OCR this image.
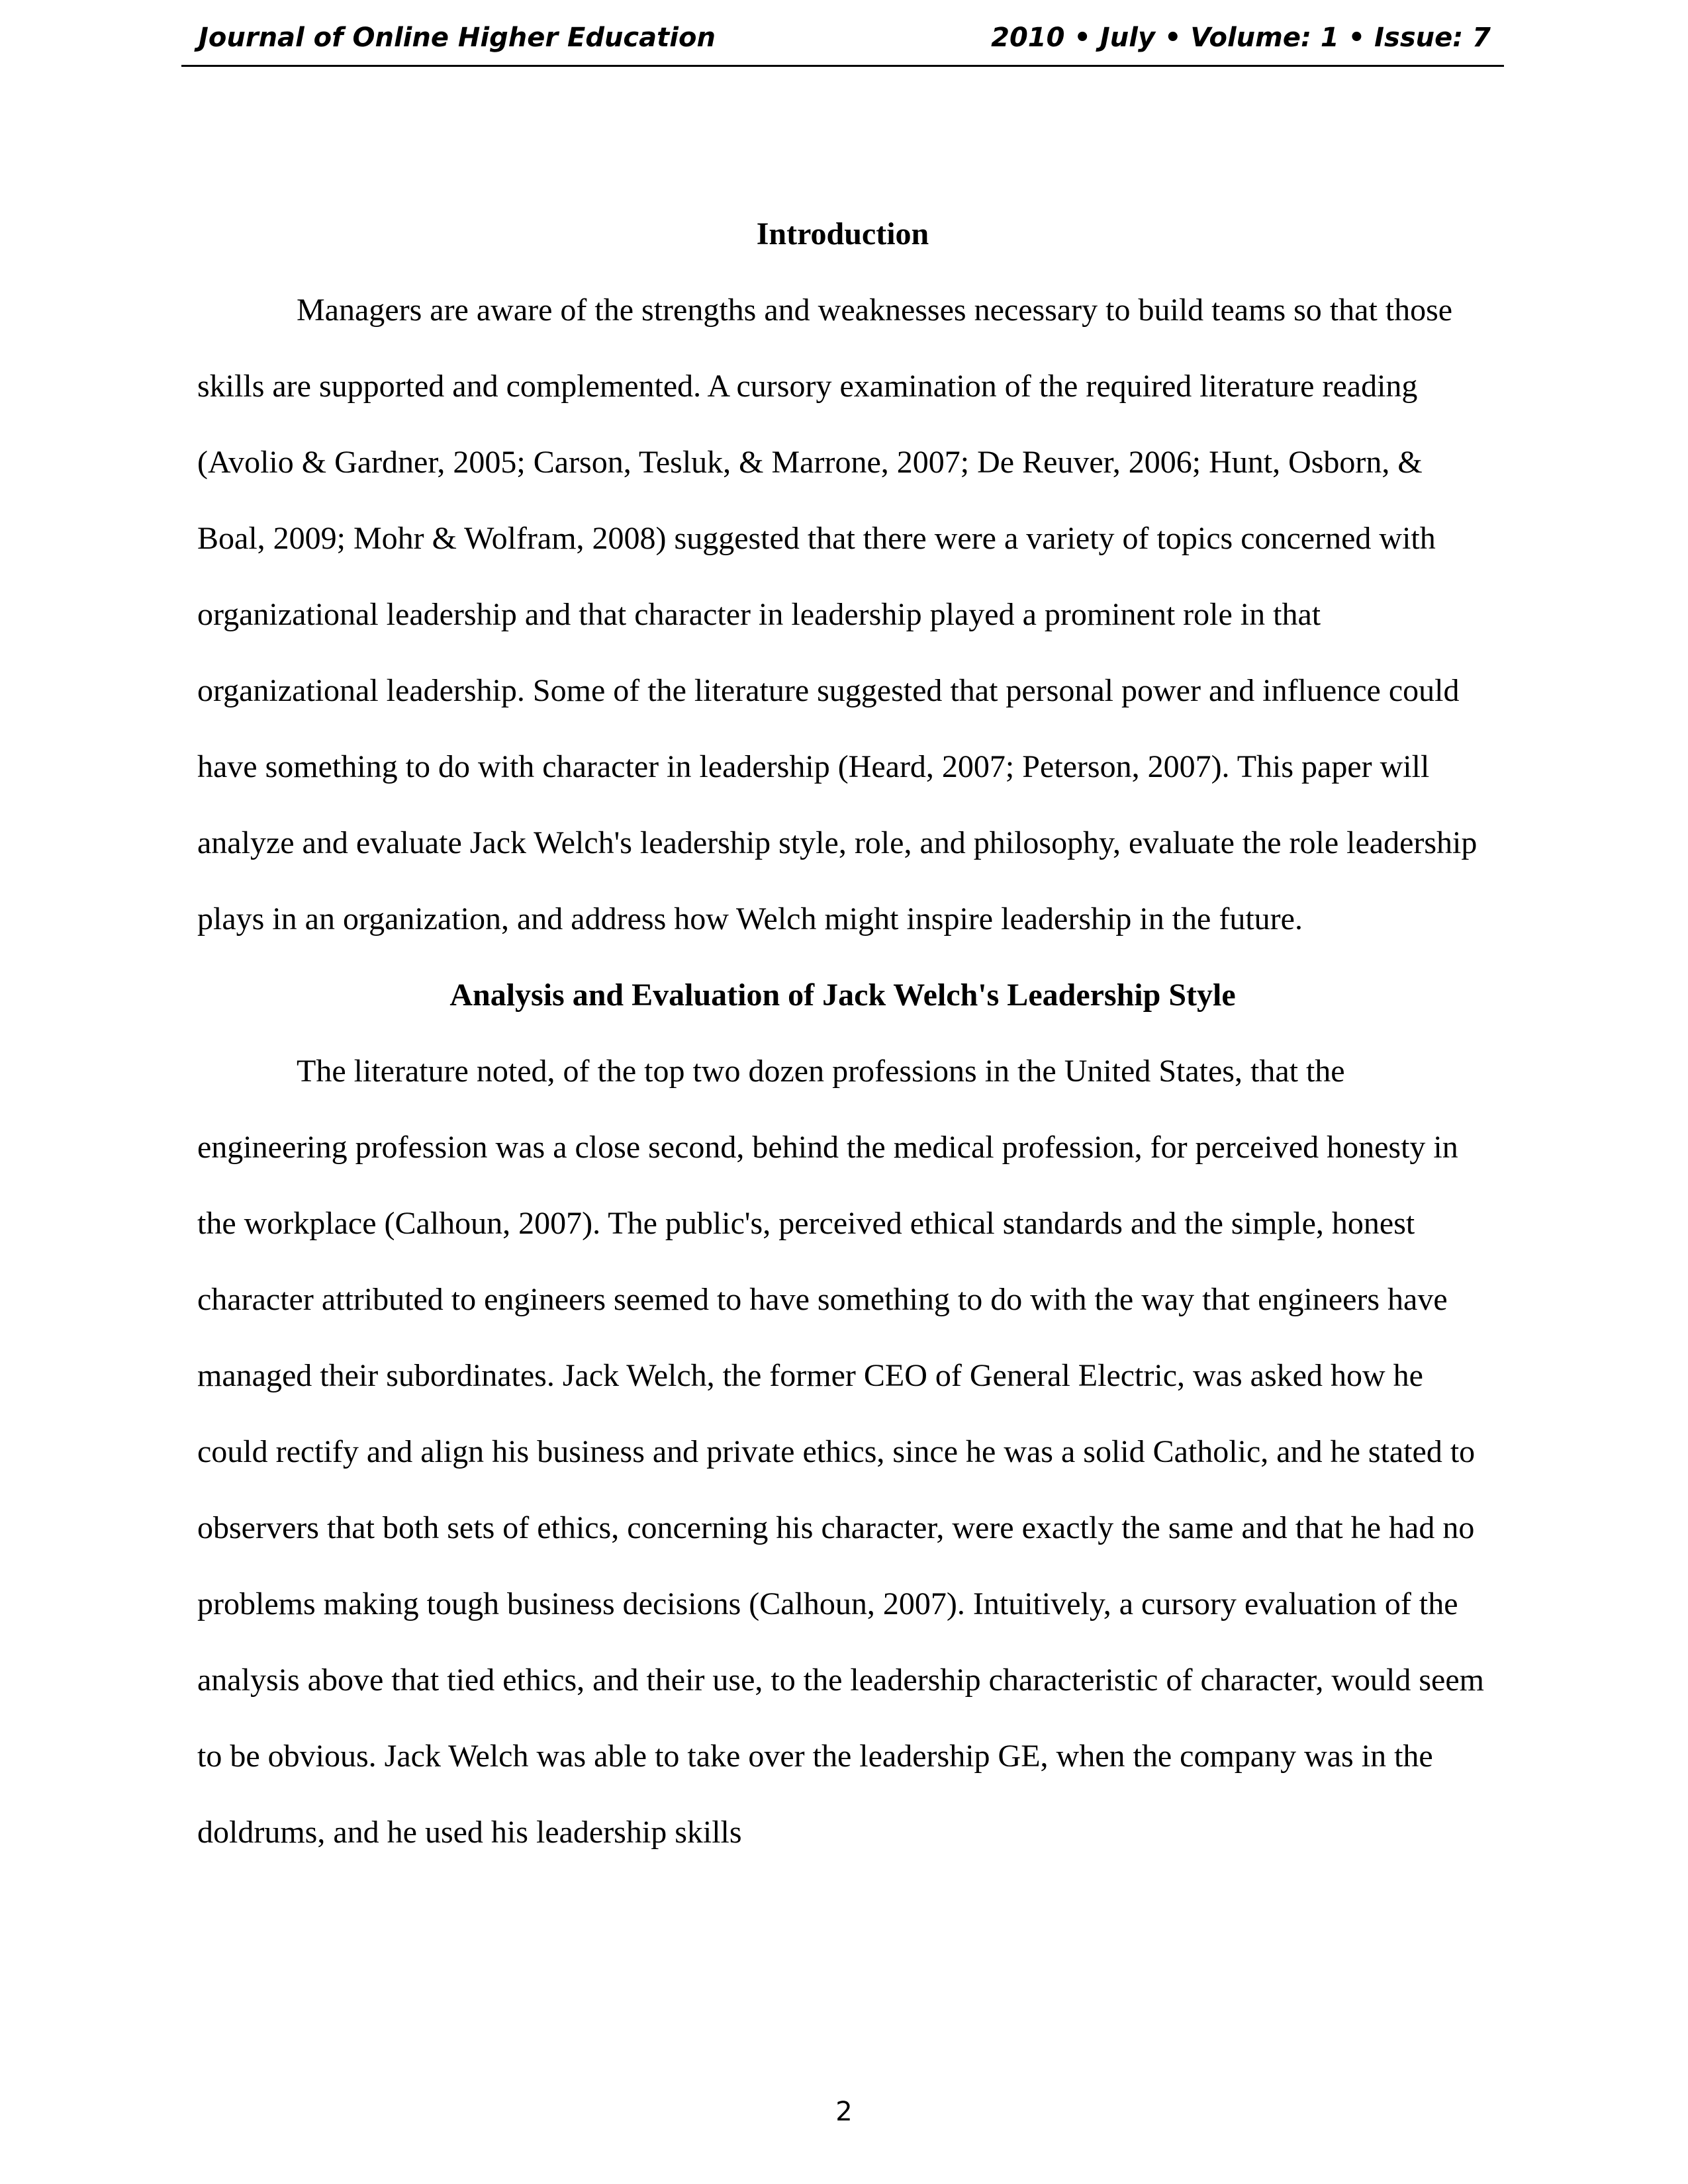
Journal of Online Higher Education	2010 • July • Volume: 1 • Issue: 7
Introduction

Managers are aware of the strengths and weaknesses necessary to build teams so that those skills are supported and complemented. A cursory examination of the required literature reading (Avolio & Gardner, 2005; Carson, Tesluk, & Marrone, 2007; De Reuver, 2006; Hunt, Osborn, & Boal, 2009; Mohr & Wolfram, 2008) suggested that there were a variety of topics concerned with organizational leadership and that character in leadership played a prominent role in that organizational leadership. Some of the literature suggested that personal power and influence could have something to do with character in leadership (Heard, 2007; Peterson, 2007). This paper will analyze and evaluate Jack Welch's leadership style, role, and philosophy, evaluate the role leadership plays in an organization, and address how Welch might inspire leadership in the future.

Analysis and Evaluation of Jack Welch's Leadership Style

The literature noted, of the top two dozen professions in the United States, that the engineering profession was a close second, behind the medical profession, for perceived honesty in the workplace (Calhoun, 2007). The public's, perceived ethical standards and the simple, honest character attributed to engineers seemed to have something to do with the way that engineers have managed their subordinates. Jack Welch, the former CEO of General Electric, was asked how he could rectify and align his business and private ethics, since he was a solid Catholic, and he stated to observers that both sets of ethics, concerning his character, were exactly the same and that he had no problems making tough business decisions (Calhoun, 2007). Intuitively, a cursory evaluation of the analysis above that tied ethics, and their use, to the leadership characteristic of character, would seem to be obvious. Jack Welch was able to take over the leadership GE, when the company was in the doldrums, and he used his leadership skills

2
